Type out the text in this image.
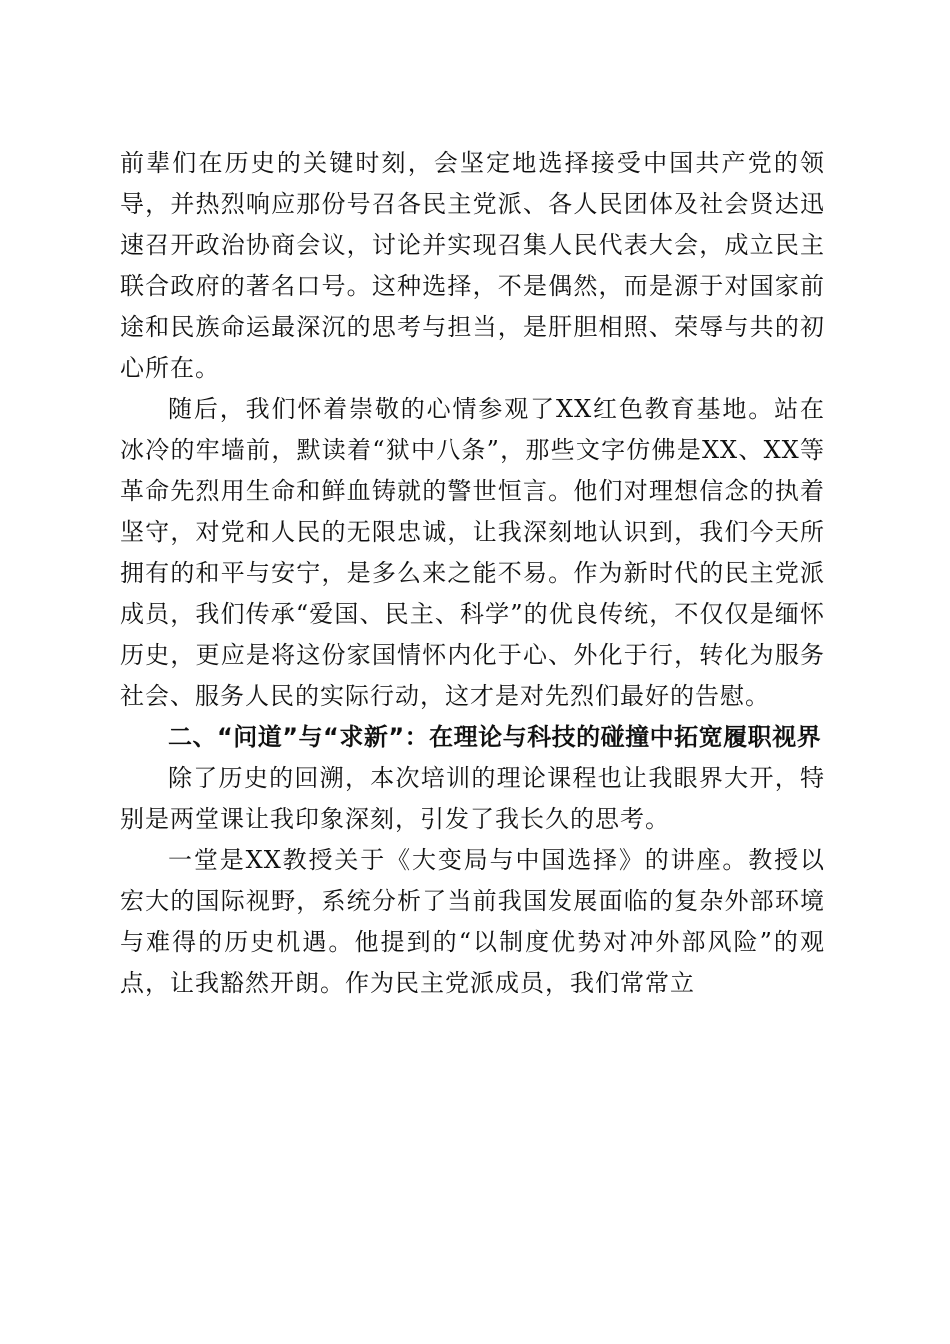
前辈们在历史的关键时刻，会坚定地选择接受中国共产党的领导，并热烈响应那份号召各民主党派、各人民团体及社会贤达迅速召开政治协商会议，讨论并实现召集人民代表大会，成立民主联合政府的著名口号。这种选择，不是偶然，而是源于对国家前途和民族命运最深沉的思考与担当，是肝胆相照、荣辱与共的初心所在。

随后，我们怀着崇敬的心情参观了XX红色教育基地。站在冰冷的牢墙前，默读着“狱中八条”，那些文字仿佛是XX、XX等革命先烈用生命和鲜血铸就的警世恒言。他们对理想信念的执着坚守，对党和人民的无限忠诚，让我深刻地认识到，我们今天所拥有的和平与安宁，是多么来之能不易。作为新时代的民主党派成员，我们传承“爱国、民主、科学”的优良传统，不仅仅是缅怀历史，更应是将这份家国情怀内化于心、外化于行，转化为服务社会、服务人民的实际行动，这才是对先烈们最好的告慰。

二、“问道”与“求新”：在理论与科技的碰撞中拓宽履职视界

除了历史的回溯，本次培训的理论课程也让我眼界大开，特别是两堂课让我印象深刻，引发了我长久的思考。

一堂是XX教授关于《大变局与中国选择》的讲座。教授以宏大的国际视野，系统分析了当前我国发展面临的复杂外部环境与难得的历史机遇。他提到的“以制度优势对冲外部风险”的观点，让我豁然开朗。作为民主党派成员，我们常常立
